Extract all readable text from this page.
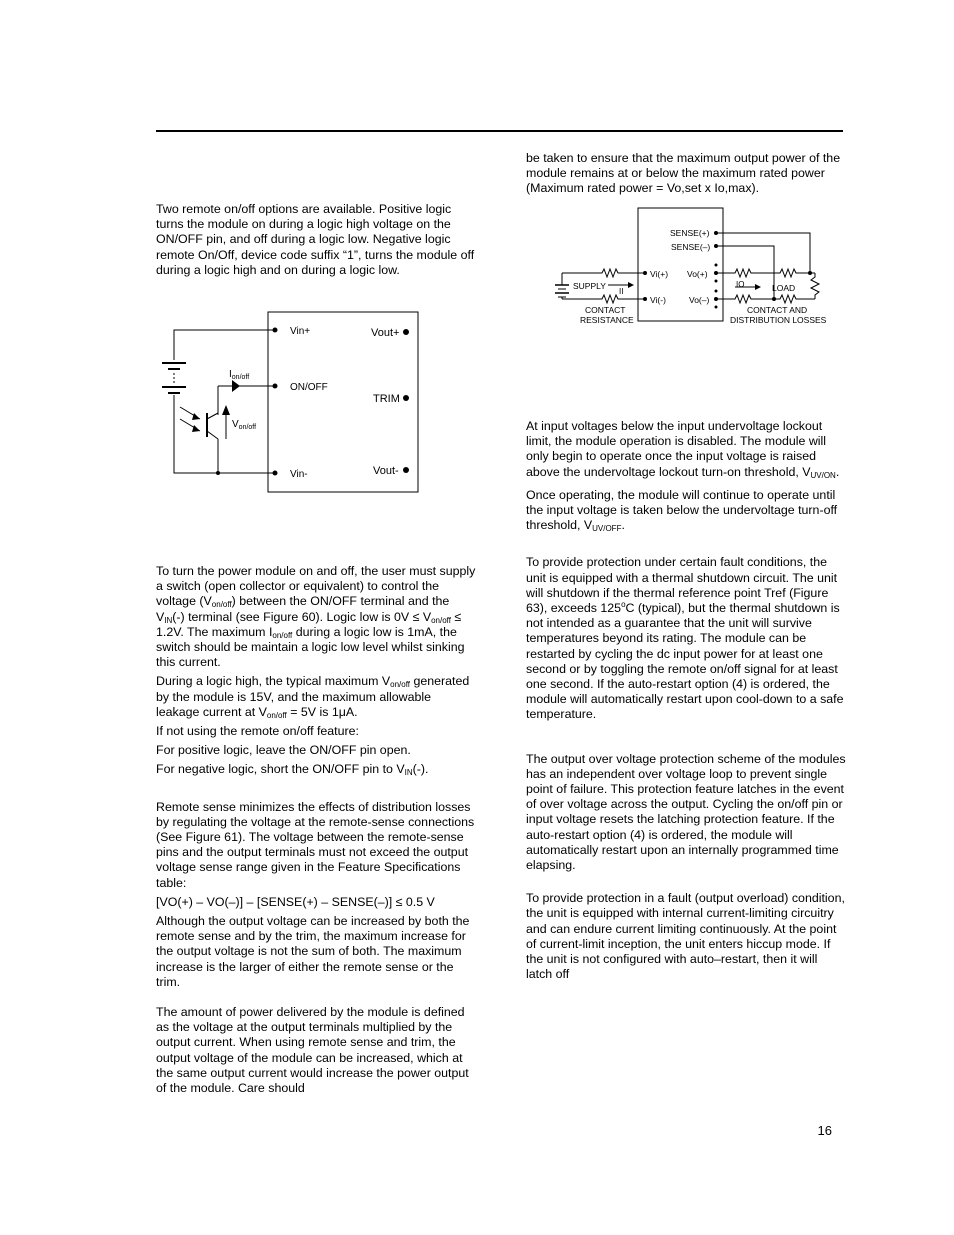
Two remote on/off options are available. Positive logic turns the module on during a logic high voltage on the ON/OFF pin, and off during a logic low. Negative logic remote On/Off, device code suffix “1”, turns the module off during a logic high and on during a logic low.

Vin+
ON/OFF
Vin-
Vout+
TRIM
Vout-
$I_{on/off}$
$V_{on/off}$

To turn the power module on and off, the user must supply a switch (open collector or equivalent) to control the voltage $(V_{on/off})$ between the ON/OFF terminal and the $V_{IN}(-)$ terminal (see Figure 60). Logic low is $0V \le V_{on/off} \le 1.2V$. The maximum $I_{on/off}$ during a logic low is 1mA, the switch should be maintain a logic low level whilst sinking this current.

During a logic high, the typical maximum $V_{on/off}$ generated by the module is 15V, and the maximum allowable leakage current at $V_{on/off} = 5V$ is 1μA.

If not using the remote on/off feature:

For positive logic, leave the ON/OFF pin open.

For negative logic, short the ON/OFF pin to $V_{IN}(-)$.

Remote sense minimizes the effects of distribution losses by regulating the voltage at the remote-sense connections (See Figure 61). The voltage between the remote-sense pins and the output terminals must not exceed the output voltage sense range given in the Feature Specifications table:

[VO(+) – VO(–)] – [SENSE(+) – SENSE(–)] ≤ 0.5 V

Although the output voltage can be increased by both the remote sense and by the trim, the maximum increase for the output voltage is not the sum of both. The maximum increase is the larger of either the remote sense or the trim.

The amount of power delivered by the module is defined as the voltage at the output terminals multiplied by the output current. When using remote sense and trim, the output voltage of the module can be increased, which at the same output current would increase the power output of the module. Care should

be taken to ensure that the maximum output power of the module remains at or below the maximum rated power (Maximum rated power = Vo,set x Io,max).

SENSE(+)
SENSE(–)
Vi(+)
Vi(-)
Vo(+)
Vo(–)
SUPPLY
II
IO	LOAD
CONTACT
RESISTANCE
CONTACT AND
DISTRIBUTION LOSSES

At input voltages below the input undervoltage lockout limit, the module operation is disabled. The module will only begin to operate once the input voltage is raised above the undervoltage lockout turn-on threshold, $V_{UV/ON}$.

Once operating, the module will continue to operate until the input voltage is taken below the undervoltage turn-off threshold, $V_{UV/OFF}$.

To provide protection under certain fault conditions, the unit is equipped with a thermal shutdown circuit. The unit will shutdown if the thermal reference point Tref (Figure 63), exceeds 125$^o$C (typical), but the thermal shutdown is not intended as a guarantee that the unit will survive temperatures beyond its rating. The module can be restarted by cycling the dc input power for at least one second or by toggling the remote on/off signal for at least one second. If the auto-restart option (4) is ordered, the module will automatically restart upon cool-down to a safe temperature.

The output over voltage protection scheme of the modules has an independent over voltage loop to prevent single point of failure. This protection feature latches in the event of over voltage across the output. Cycling the on/off pin or input voltage resets the latching protection feature. If the auto-restart option (4) is ordered, the module will automatically restart upon an internally programmed time elapsing.

To provide protection in a fault (output overload) condition, the unit is equipped with internal current-limiting circuitry and can endure current limiting continuously. At the point of current-limit inception, the unit enters hiccup mode. If the unit is not configured with auto–restart, then it will latch off

16
